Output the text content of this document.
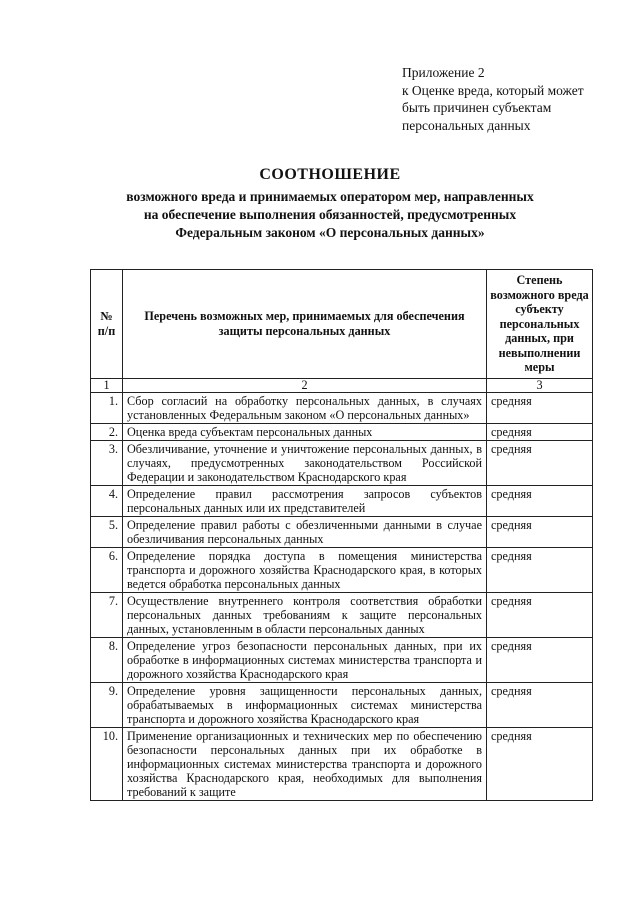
Приложение 2
к Оценке вреда, который может
быть причинен субъектам
персональных данных
СООТНОШЕНИЕ
возможного вреда и принимаемых оператором мер, направленных на обеспечение выполнения обязанностей, предусмотренных Федеральным законом «О персональных данных»
№ п/п	Перечень возможных мер, принимаемых для обеспечения защиты персональных данных	Степень возможного вреда субъекту персональных данных, при невыполнении меры
1	2	3
1.	Сбор согласий на обработку персональных данных, в случаях установленных Федеральным законом «О персональных данных»	средняя
2.	Оценка вреда субъектам персональных данных	средняя
3.	Обезличивание, уточнение и уничтожение персональных данных, в случаях, предусмотренных законодательством Российской Федерации и законодательством Краснодарского края	средняя
4.	Определение правил рассмотрения запросов субъектов персональных данных или их представителей	средняя
5.	Определение правил работы с обезличенными данными в случае обезличивания персональных данных	средняя
6.	Определение порядка доступа в помещения министерства транспорта и дорожного хозяйства Краснодарского края, в которых ведется обработка персональных данных	средняя
7.	Осуществление внутреннего контроля соответствия обработки персональных данных требованиям к защите персональных данных, установленным в области персональных данных	средняя
8.	Определение угроз безопасности персональных данных, при их обработке в информационных системах министерства транспорта и дорожного хозяйства Краснодарского края	средняя
9.	Определение уровня защищенности персональных данных, обрабатываемых в информационных системах министерства транспорта и дорожного хозяйства Краснодарского края	средняя
10.	Применение организационных и технических мер по обеспечению безопасности персональных данных при их обработке в информационных системах министерства транспорта и дорожного хозяйства Краснодарского края, необходимых для выполнения требований к защите	средняя
